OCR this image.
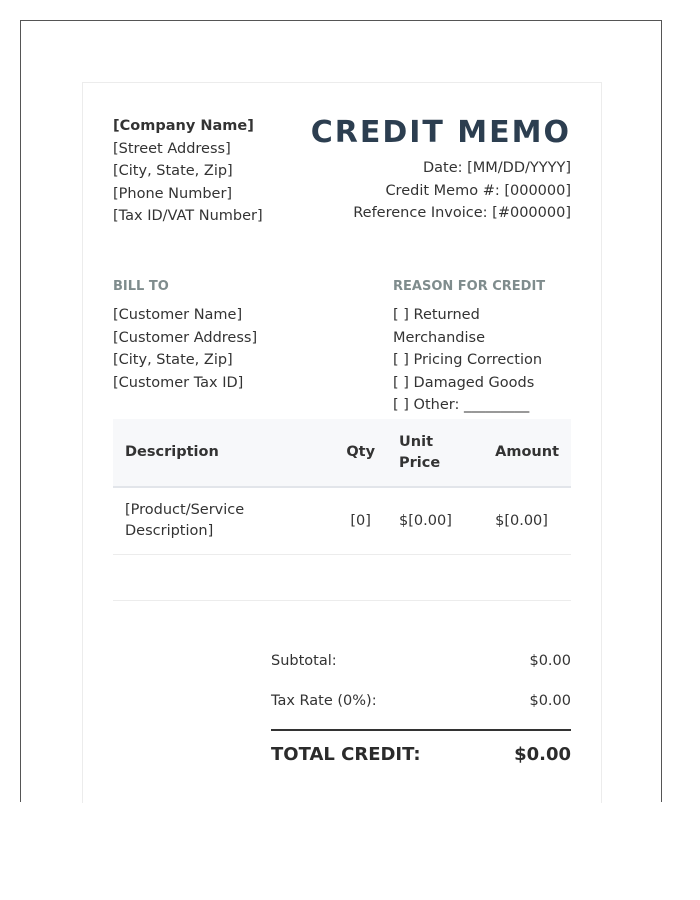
[Company Name]
[Street Address]
[City, State, Zip]
[Phone Number]
[Tax ID/VAT Number]
CREDIT MEMO
Date: [MM/DD/YYYY]
Credit Memo #: [000000]
Reference Invoice: [#000000]
BILL TO
[Customer Name]
[Customer Address]
[City, State, Zip]
[Customer Tax ID]
REASON FOR CREDIT
[ ] Returned Merchandise
[ ] Pricing Correction
[ ] Damaged Goods
[ ] Other: _________
Description	Qty	Unit Price	Amount
[Product/Service Description]	[0]	$[0.00]	$[0.00]

Subtotal:	$0.00
Tax Rate (0%):	$0.00
TOTAL CREDIT:	$0.00
